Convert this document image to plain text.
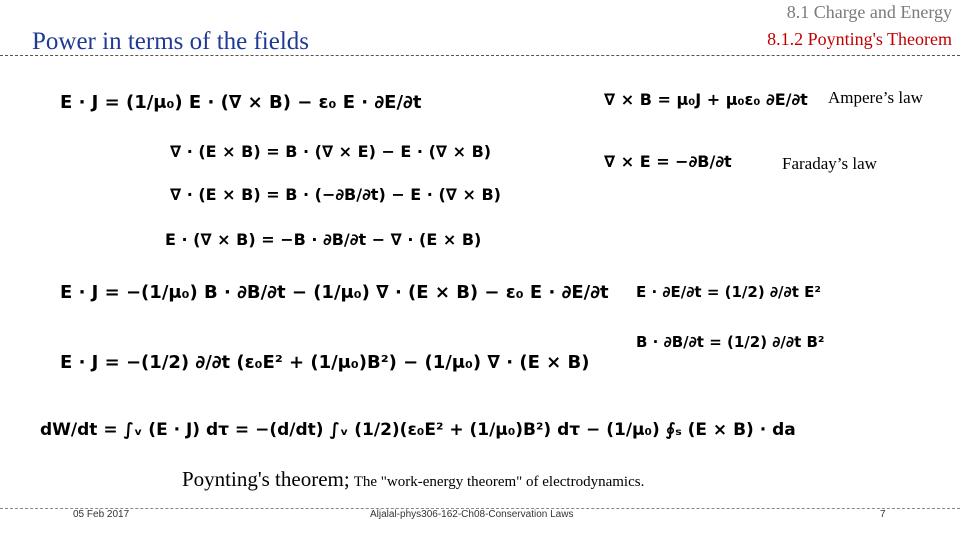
8.1 Charge and Energy
8.1.2 Poynting's Theorem
Power in terms of the fields
∇ × B = μ₀J + μ₀ε₀ ∂E/∂t Ampere’s law
∇ × E = −∂B/∂t	Faraday’s law
E · J = (1/μ₀) E · (∇ × B) − ε₀ E · ∂E/∂t
∇ · (E × B) = B · (∇ × E) − E · (∇ × B)
∇ · (E × B) = B · (−∂B/∂t) − E · (∇ × B)
E · (∇ × B) = −B · ∂B/∂t − ∇ · (E × B)
E · J = −(1/μ₀) B · ∂B/∂t − (1/μ₀) ∇ · (E × B) − ε₀ E · ∂E/∂t
E · J = −(1/2) ∂/∂t (ε₀E² + (1/μ₀)B²) − (1/μ₀) ∇ · (E × B)
E · ∂E/∂t = (1/2) ∂/∂t E²
B · ∂B/∂t = (1/2) ∂/∂t B²
dW/dt = ∫ᵥ (E · J) dτ = −(d/dt) ∫ᵥ (1/2)(ε₀E² + (1/μ₀)B²) dτ − (1/μ₀) ∮ₛ (E × B) · da
Poynting's theorem; The "work-energy theorem" of electrodynamics.
05 Feb 2017	Aljalal-phys306-162-Ch08-Conservation Laws	7
